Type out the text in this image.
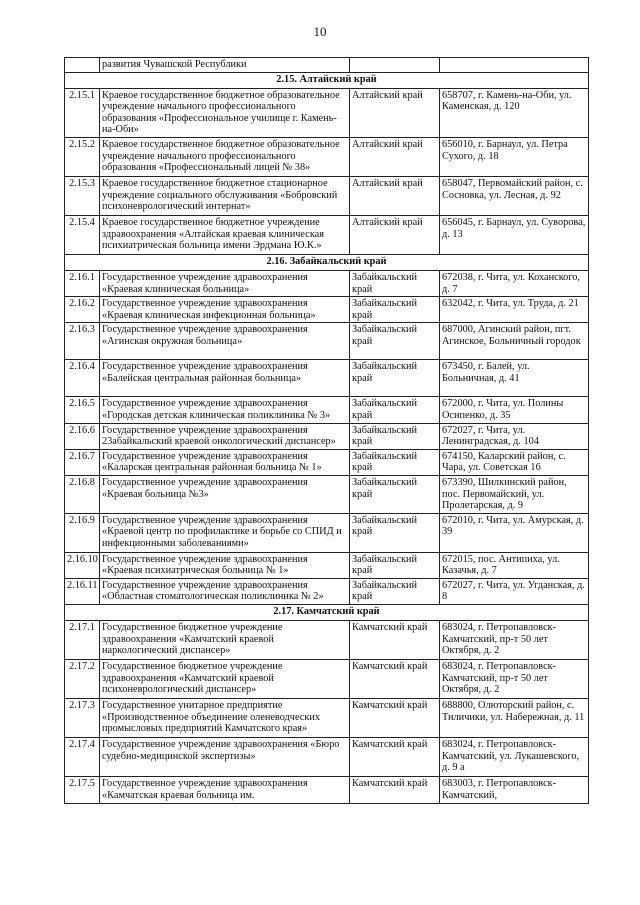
10
	развития Чувашской Республики		
2.15. Алтайский край			
2.15.1	Краевое государственное бюджетное образовательное учреждение начального профессионального образования «Профессиональное училище г. Камень-на-Оби»	Алтайский край	658707, г. Камень-на-Оби, ул. Каменская, д. 120
2.15.2	Краевое государственное бюджетное образовательное учреждение начального профессионального образования «Профессиональный лицей № 38»	Алтайский край	656010, г. Барнаул, ул. Петра Сухого, д. 18
2.15.3	Краевое государственное бюджетное стационарное учреждение социального обслуживания «Бобровский психоневрологический интернат»	Алтайский край	658047, Первомайский район, с. Сосновка, ул. Лесная, д. 92
2.15.4	Краевое государственное бюджетное учреждение здравоохранения «Алтайская краевая клиническая психиатрическая больница имени Эрдмана Ю.К.»	Алтайский край	656045, г. Барнаул, ул. Суворова, д. 13
2.16. Забайкальский край			
2.16.1	Государственное учреждение здравоохранения «Краевая клиническая больница»	Забайкальский край	672038, г. Чита, ул. Коханского, д. 7
2.16.2	Государственное учреждение здравоохранения «Краевая клиническая инфекционная больница»	Забайкальский край	632042, г. Чита, ул. Труда, д. 21
2.16.3	Государственное учреждение здравоохранения «Агинская окружная больница»	Забайкальский край	687000, Агинский район, пгт. Агинское, Больничный городок
2.16.4	Государственное учреждение здравоохранения «Балейская центральная районная больница»	Забайкальский край	673450, г. Балей, ул. Больничная, д. 41
2.16.5	Государственное учреждение здравоохранения «Городская детская клиническая поликлиника № 3»	Забайкальский край	672000, г. Чита, ул. Полины Осипенко, д. 35
2.16.6	Государственное учреждение здравоохранения 23абайкальский краевой онкологический диспансер»	Забайкальский край	672027, г. Чита, ул. Ленинградская, д. 104
2.16.7	Государственное учреждение здравоохранения «Каларская центральная районная больница № 1»	Забайкальский край	674150, Каларский район, с. Чара, ул. Советская 16
2.16.8	Государственное учреждение здравоохранения «Краевая больница №3»	Забайкальский край	673390, Шилкинский район, пос. Первомайский, ул. Пролетарская, д. 9
2.16.9	Государственное учреждение здравоохранения «Краевой центр по профилактике и борьбе со СПИД и инфекционными заболеваниями»	Забайкальский край	672010, г. Чита, ул. Амурская, д. 39
2.16.10	Государственное учреждение здравоохранения «Краевая психиатрическая больница № 1»	Забайкальский край	672015, пос. Антипиха, ул. Казачья, д. 7
2.16.11	Государственное учреждение здравоохранения «Областная стоматологическая поликлиника № 2»	Забайкальский край	672027, г. Чита, ул. Угданская, д. 8
2.17. Камчатский край			
2.17.1	Государственное бюджетное учреждение здравоохранения «Камчатский краевой наркологический диспансер»	Камчатский край	683024, г. Петропавловск-Камчатский, пр-т 50 лет Октября, д. 2
2.17.2	Государственное бюджетное учреждение здравоохранения «Камчатский краевой психоневрологический диспансер»	Камчатский край	683024, г. Петропавловск-Камчатский, пр-т 50 лет Октября, д. 2
2.17.3	Государственное унитарное предприятие «Производственное объединение оленеводческих промысловых предприятий Камчатского края»	Камчатский край	688800, Олюторский район, с. Тиличики, ул. Набережная, д. 11
2.17.4	Государственное учреждение здравоохранения «Бюро судебно-медицинской экспертизы»	Камчатский край	683024, г. Петропавловск-Камчатский, ул. Лукашевского, д. 9 а
2.17.5	Государственное учреждение здравоохранения «Камчатская краевая больница им.	Камчатский край	683003, г. Петропавловск-Камчатский,
